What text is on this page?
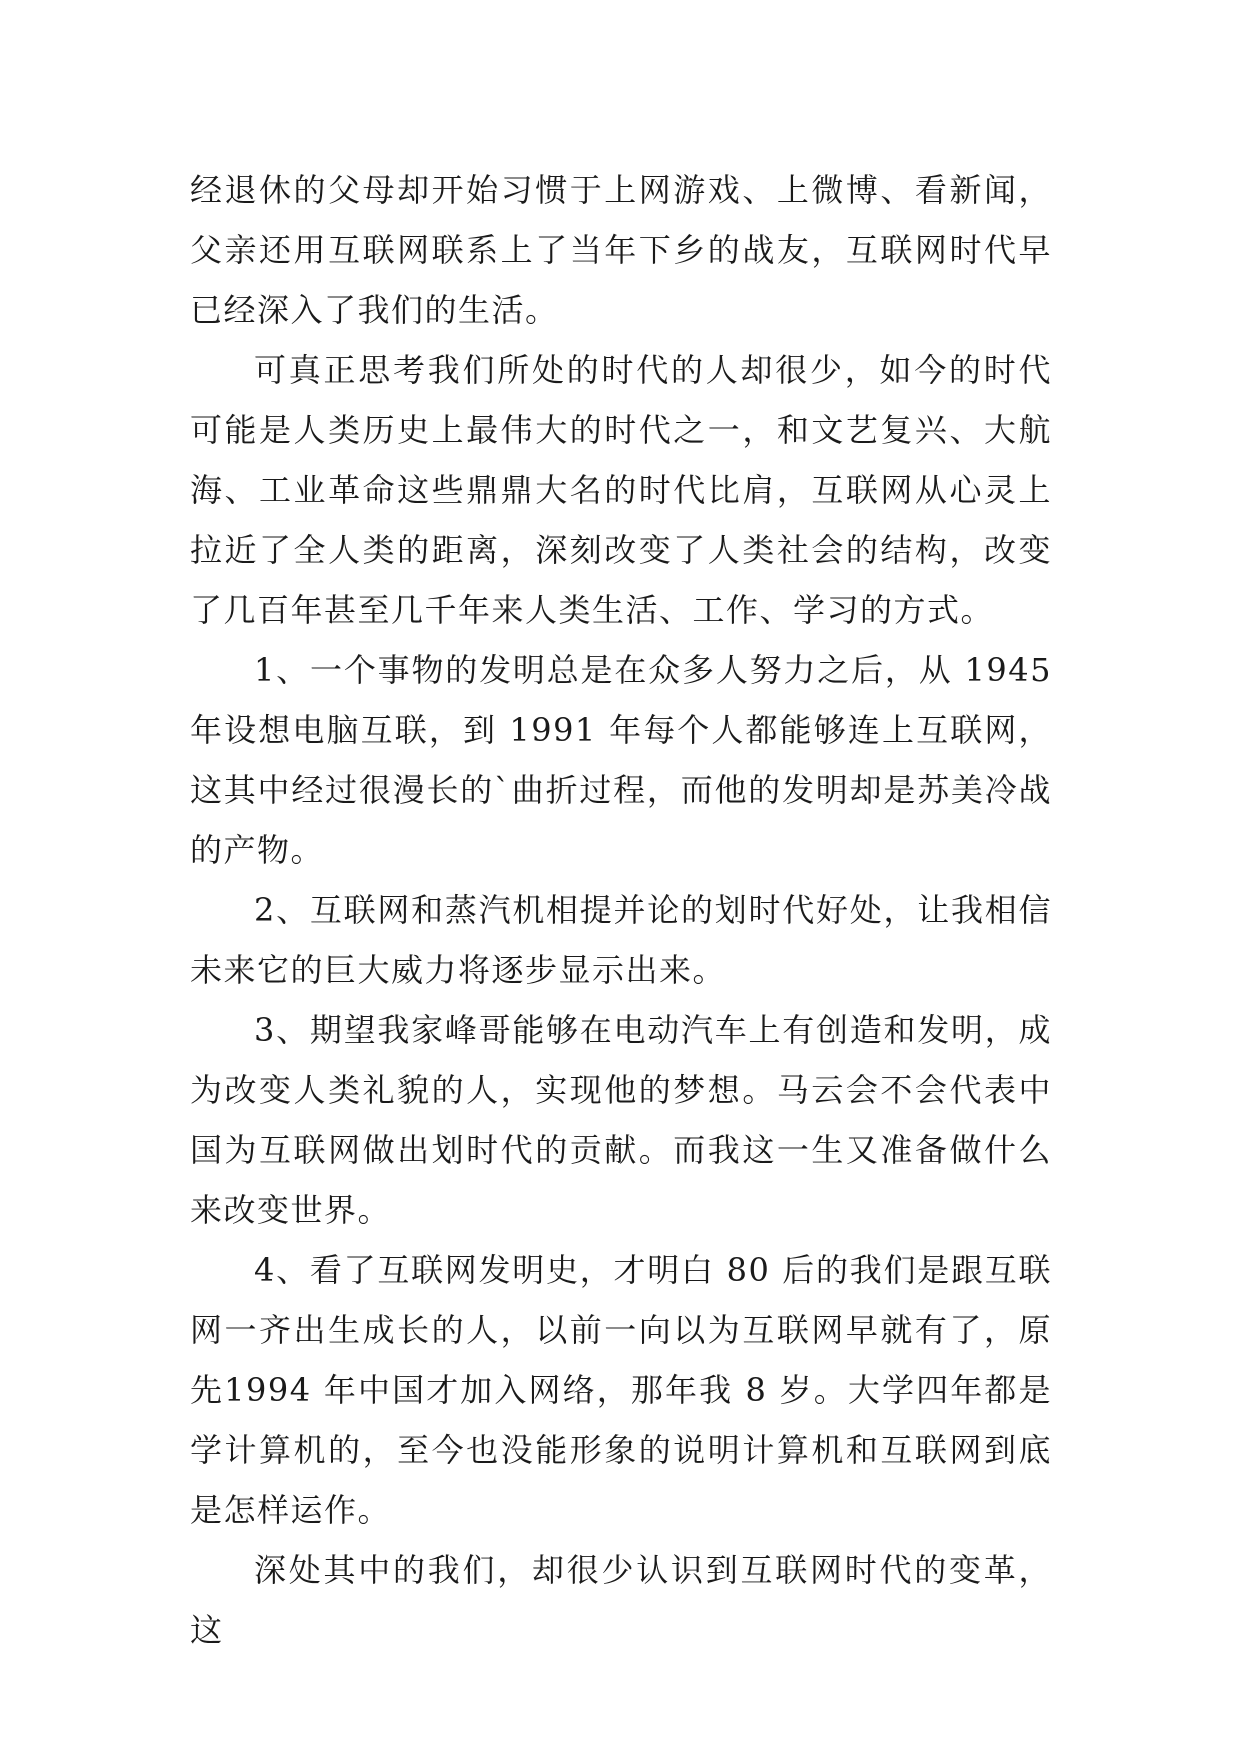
经退休的父母却开始习惯于上网游戏、上微博、看新闻，父亲还用互联网联系上了当年下乡的战友，互联网时代早已经深入了我们的生活。

可真正思考我们所处的时代的人却很少，如今的时代可能是人类历史上最伟大的时代之一，和文艺复兴、大航海、工业革命这些鼎鼎大名的时代比肩，互联网从心灵上拉近了全人类的距离，深刻改变了人类社会的结构，改变了几百年甚至几千年来人类生活、工作、学习的方式。

1、一个事物的发明总是在众多人努力之后，从 1945 年设想电脑互联，到 1991 年每个人都能够连上互联网，这其中经过很漫长的`曲折过程，而他的发明却是苏美冷战的产物。

2、互联网和蒸汽机相提并论的划时代好处，让我相信未来它的巨大威力将逐步显示出来。

3、期望我家峰哥能够在电动汽车上有创造和发明，成为改变人类礼貌的人，实现他的梦想。马云会不会代表中国为互联网做出划时代的贡献。而我这一生又准备做什么来改变世界。

4、看了互联网发明史，才明白 80 后的我们是跟互联网一齐出生成长的人，以前一向以为互联网早就有了，原先1994 年中国才加入网络，那年我 8 岁。大学四年都是学计算机的，至今也没能形象的说明计算机和互联网到底是怎样运作。

深处其中的我们，却很少认识到互联网时代的变革，这
